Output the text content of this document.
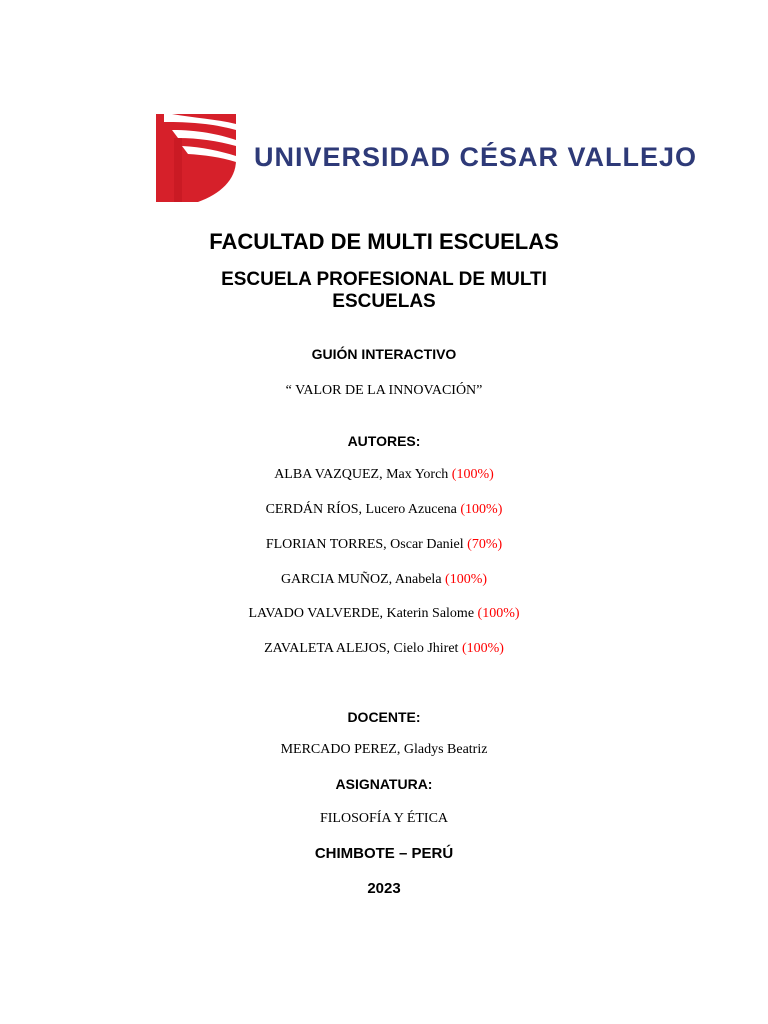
UNIVERSIDAD CÉSAR VALLEJO
FACULTAD DE MULTI ESCUELAS
ESCUELA PROFESIONAL DE MULTI
ESCUELAS
GUIÓN INTERACTIVO
“ VALOR DE LA INNOVACIÓN”
AUTORES:
ALBA VAZQUEZ, Max Yorch (100%)
CERDÁN RÍOS, Lucero Azucena (100%)
FLORIAN TORRES, Oscar Daniel (70%)
GARCIA MUÑOZ, Anabela (100%)
LAVADO VALVERDE, Katerin Salome (100%)
ZAVALETA ALEJOS, Cielo Jhiret (100%)
DOCENTE:
MERCADO PEREZ, Gladys Beatriz
ASIGNATURA:
FILOSOFÍA Y ÉTICA
CHIMBOTE – PERÚ
2023
